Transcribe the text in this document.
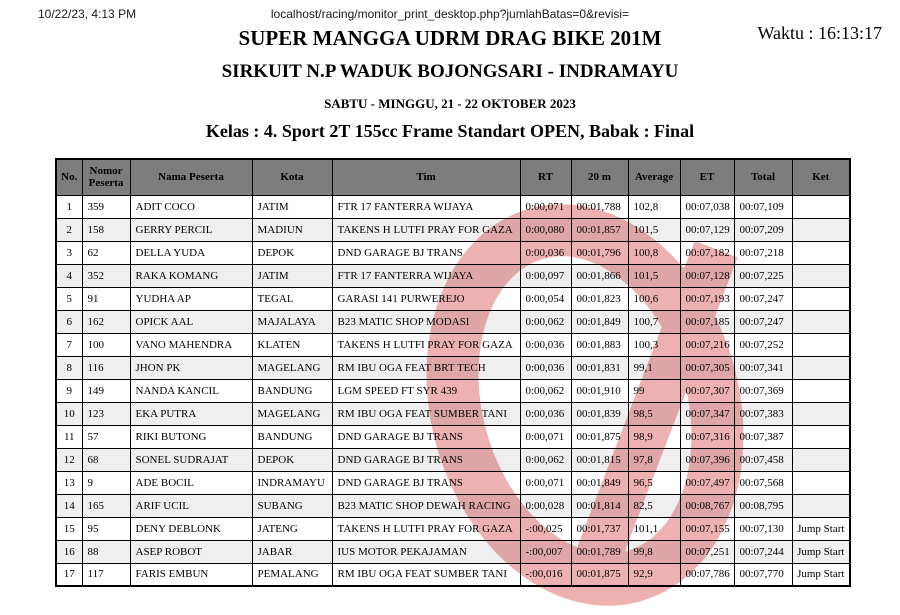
10/22/23, 4:13 PM	localhost/racing/monitor_print_desktop.php?jumlahBatas=0&revisi=
SUPER MANGGA UDRM DRAG BIKE 201M	Waktu : 16:13:17
SIRKUIT N.P WADUK BOJONGSARI - INDRAMAYU
SABTU - MINGGU, 21 - 22 OKTOBER 2023
Kelas : 4. Sport 2T 155cc Frame Standart OPEN, Babak : Final
No.	Nomor Peserta	Nama Peserta	Kota	Tim	RT	20 m	Average	ET	Total	Ket
1	359	ADIT COCO	JATIM	FTR 17 FANTERRA WIJAYA	0:00,071	00:01,788	102,8	00:07,038	00:07,109	
2	158	GERRY PERCIL	MADIUN	TAKENS H LUTFI PRAY FOR GAZA	0:00,080	00:01,857	101,5	00:07,129	00:07,209	
3	62	DELLA YUDA	DEPOK	DND GARAGE BJ TRANS	0:00,036	00:01,796	100,8	00:07,182	00:07,218	
4	352	RAKA KOMANG	JATIM	FTR 17 FANTERRA WIJAYA	0:00,097	00:01,866	101,5	00:07,128	00:07,225	
5	91	YUDHA AP	TEGAL	GARASI 141 PURWEREJO	0:00,054	00:01,823	100,6	00:07,193	00:07,247	
6	162	OPICK AAL	MAJALAYA	B23 MATIC SHOP MODASI	0:00,062	00:01,849	100,7	00:07,185	00:07,247	
7	100	VANO MAHENDRA	KLATEN	TAKENS H LUTFI PRAY FOR GAZA	0:00,036	00:01,883	100,3	00:07,216	00:07,252	
8	116	JHON PK	MAGELANG	RM IBU OGA FEAT BRT TECH	0:00,036	00:01,831	99,1	00:07,305	00:07,341	
9	149	NANDA KANCIL	BANDUNG	LGM SPEED FT SYR 439	0:00,062	00:01,910	99	00:07,307	00:07,369	
10	123	EKA PUTRA	MAGELANG	RM IBU OGA FEAT SUMBER TANI	0:00,036	00:01,839	98,5	00:07,347	00:07,383	
11	57	RIKI BUTONG	BANDUNG	DND GARAGE BJ TRANS	0:00,071	00:01,875	98,9	00:07,316	00:07,387	
12	68	SONEL SUDRAJAT	DEPOK	DND GARAGE BJ TRANS	0:00,062	00:01,815	97,8	00:07,396	00:07,458	
13	9	ADE BOCIL	INDRAMAYU	DND GARAGE BJ TRANS	0:00,071	00:01,849	96,5	00:07,497	00:07,568	
14	165	ARIF UCIL	SUBANG	B23 MATIC SHOP DEWAH RACING	0:00,028	00:01,814	82,5	00:08,767	00:08,795	
15	95	DENY DEBLONK	JATENG	TAKENS H LUTFI PRAY FOR GAZA	-:00,025	00:01,737	101,1	00:07,155	00:07,130	Jump Start
16	88	ASEP ROBOT	JABAR	IUS MOTOR PEKAJAMAN	-:00,007	00:01,789	99,8	00:07,251	00:07,244	Jump Start
17	117	FARIS EMBUN	PEMALANG	RM IBU OGA FEAT SUMBER TANI	-:00,016	00:01,875	92,9	00:07,786	00:07,770	Jump Start
